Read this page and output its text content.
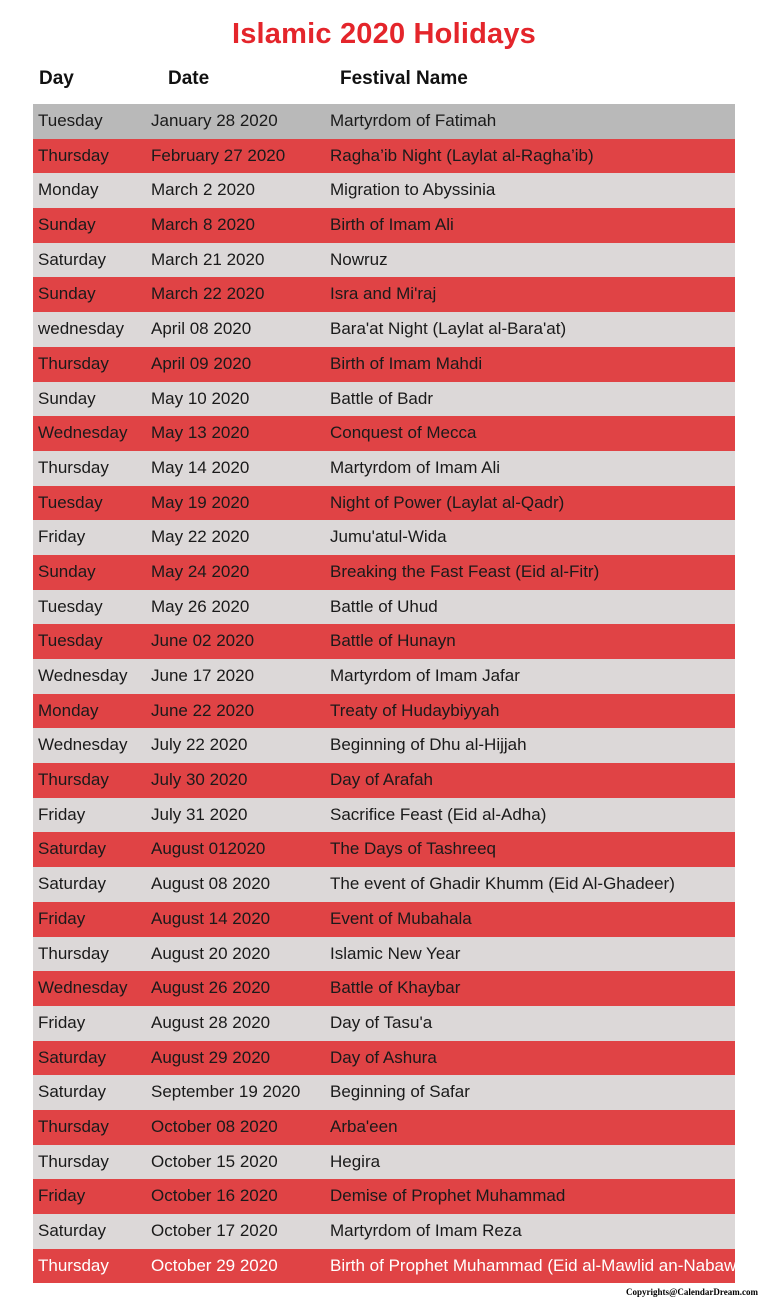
Islamic 2020 Holidays
Day	Date	Festival Name
Tuesday	January 28 2020	Martyrdom of Fatimah
Thursday February 27 2020	Ragha’ib Night (Laylat al-Ragha’ib)
Monday	March 2 2020	Migration to Abyssinia
Sunday	March 8 2020	Birth of Imam Ali
Saturday	March 21 2020	Nowruz
Sunday	March 22 2020	Isra and Mi'raj
wednesday April 08 2020	Bara'at Night (Laylat al-Bara'at)
Thursday April 09 2020	Birth of Imam Mahdi
Sunday	May 10 2020	Battle of Badr
Wednesday May 13 2020	Conquest of Mecca
Thursday May 14 2020	Martyrdom of Imam Ali
Tuesday	May 19 2020	Night of Power (Laylat al-Qadr)
Friday	May 22 2020	Jumu'atul-Wida
Sunday	May 24 2020	Breaking the Fast Feast (Eid al-Fitr)
Tuesday	May 26 2020	Battle of Uhud
Tuesday	June 02 2020	Battle of Hunayn
Wednesday June 17 2020	Martyrdom of Imam Jafar
Monday	June 22 2020	Treaty of Hudaybiyyah
Wednesday July 22 2020	Beginning of Dhu al-Hijjah
Thursday July 30 2020	Day of Arafah
Friday	July 31 2020	Sacrifice Feast (Eid al-Adha)
Saturday	August 012020	The Days of Tashreeq
Saturday	August 08 2020	The event of Ghadir Khumm (Eid Al-Ghadeer)
Friday	August 14 2020	Event of Mubahala
Thursday August 20 2020	Islamic New Year
Wednesday August 26 2020	Battle of Khaybar
Friday	August 28 2020	Day of Tasu'a
Saturday	August 29 2020	Day of Ashura
Saturday	September 19 2020 Beginning of Safar
Thursday October 08 2020	Arba'een
Thursday October 15 2020	Hegira
Friday	October 16 2020	Demise of Prophet Muhammad
Saturday	October 17 2020	Martyrdom of Imam Reza
Thursday October 29 2020	Birth of Prophet Muhammad (Eid al-Mawlid an-Nabawī)
Copyrights@CalendarDream.com
